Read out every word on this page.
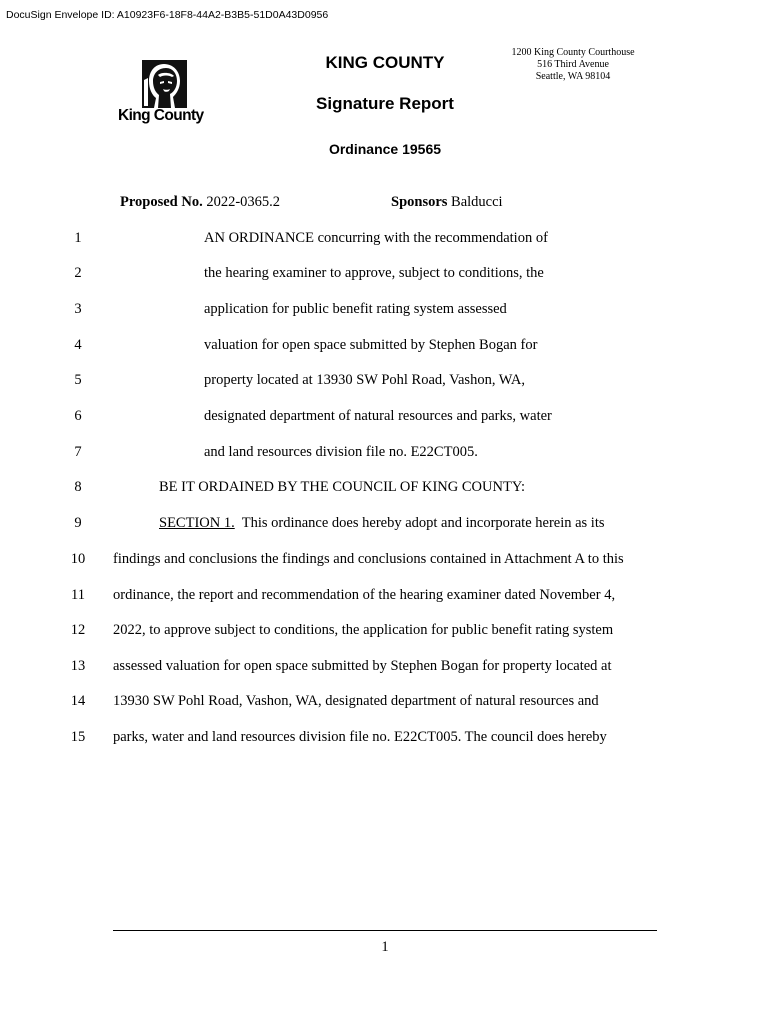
DocuSign Envelope ID: A10923F6-18F8-44A2-B3B5-51D0A43D0956
King County
KING COUNTY
Signature Report
Ordinance 19565
1200 King County Courthouse
516 Third Avenue
Seattle, WA 98104
Proposed No. 2022-0365.2	Sponsors Balducci
1	AN ORDINANCE concurring with the recommendation of
2	the hearing examiner to approve, subject to conditions, the
3	application for public benefit rating system assessed
4	valuation for open space submitted by Stephen Bogan for
5	property located at 13930 SW Pohl Road, Vashon, WA,
6	designated department of natural resources and parks, water
7	and land resources division file no. E22CT005.
8	BE IT ORDAINED BY THE COUNCIL OF KING COUNTY:
9	SECTION 1. This ordinance does hereby adopt and incorporate herein as its
10	findings and conclusions the findings and conclusions contained in Attachment A to this
11	ordinance, the report and recommendation of the hearing examiner dated November 4,
12	2022, to approve subject to conditions, the application for public benefit rating system
13	assessed valuation for open space submitted by Stephen Bogan for property located at
14	13930 SW Pohl Road, Vashon, WA, designated department of natural resources and
15	parks, water and land resources division file no. E22CT005. The council does hereby
1
